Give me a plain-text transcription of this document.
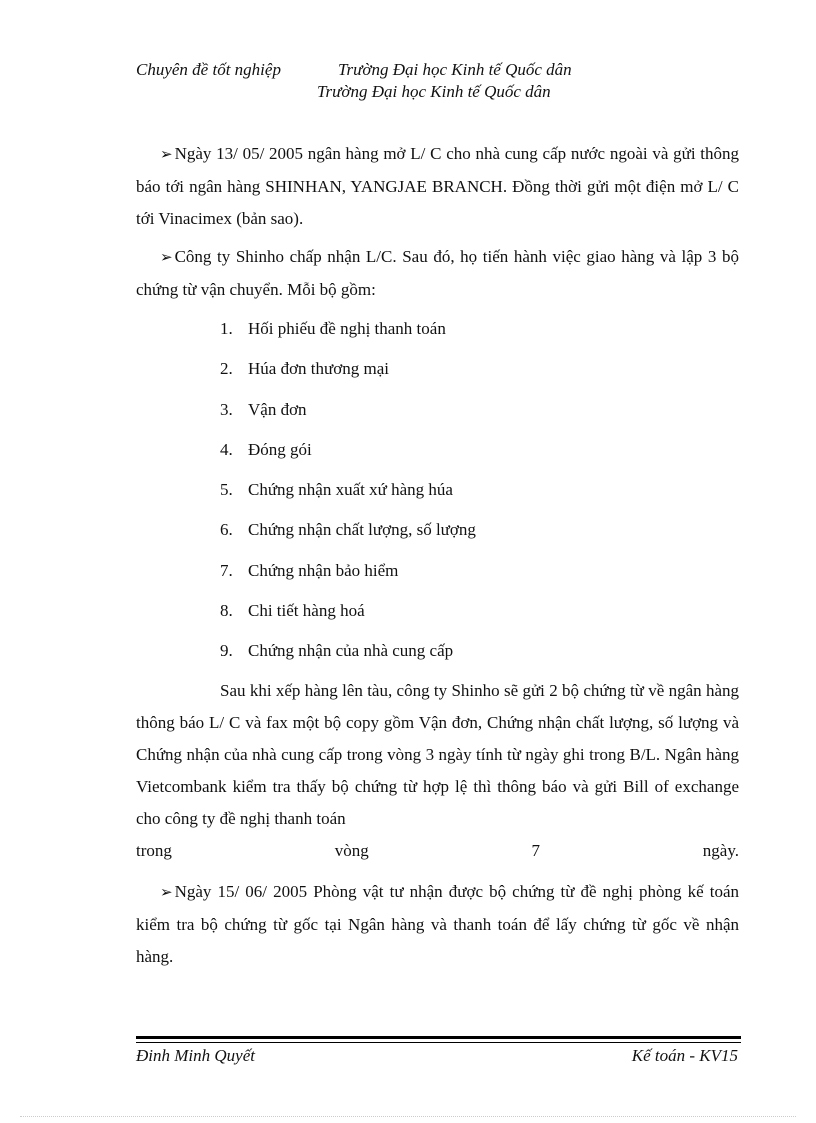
Chuyên đề tốt nghiệp	Trường Đại học Kinh tế Quốc dân
Trường Đại học Kinh tế Quốc dân
➢ Ngày 13/ 05/ 2005 ngân hàng mở L/ C cho nhà cung cấp nước ngoài và gửi thông báo tới ngân hàng SHINHAN, YANGJAE BRANCH. Đồng thời gửi một điện mở L/ C tới Vinacimex (bản sao).
➢ Công ty Shinho chấp nhận L/C. Sau đó, họ tiến hành việc giao hàng và lập 3 bộ chứng từ vận chuyển. Mỗi bộ gồm:
1. Hối phiếu đề nghị thanh toán
2. Húa đơn thương mại
3. Vận đơn
4. Đóng gói
5. Chứng nhận xuất xứ hàng húa
6. Chứng nhận chất lượng, số lượng
7. Chứng nhận bảo hiểm
8. Chi tiết hàng hoá
9. Chứng nhận của nhà cung cấp
Sau khi xếp hàng lên tàu, công ty Shinho sẽ gửi 2 bộ chứng từ về ngân hàng thông báo L/ C và fax một bộ copy gồm Vận đơn, Chứng nhận chất lượng, số lượng và Chứng nhận của nhà cung cấp trong vòng 3 ngày tính từ ngày ghi trong B/L. Ngân hàng Vietcombank kiểm tra thấy bộ chứng từ hợp lệ thì thông báo và gửi Bill of exchange cho công ty đề nghị thanh toán
trong	vòng	7	ngày.
➢ Ngày 15/ 06/ 2005 Phòng vật tư nhận được bộ chứng từ đề nghị phòng kế toán kiểm tra bộ chứng từ gốc tại Ngân hàng và thanh toán để lấy chứng từ gốc về nhận hàng.
Đinh Minh Quyết	Kế toán - KV15
